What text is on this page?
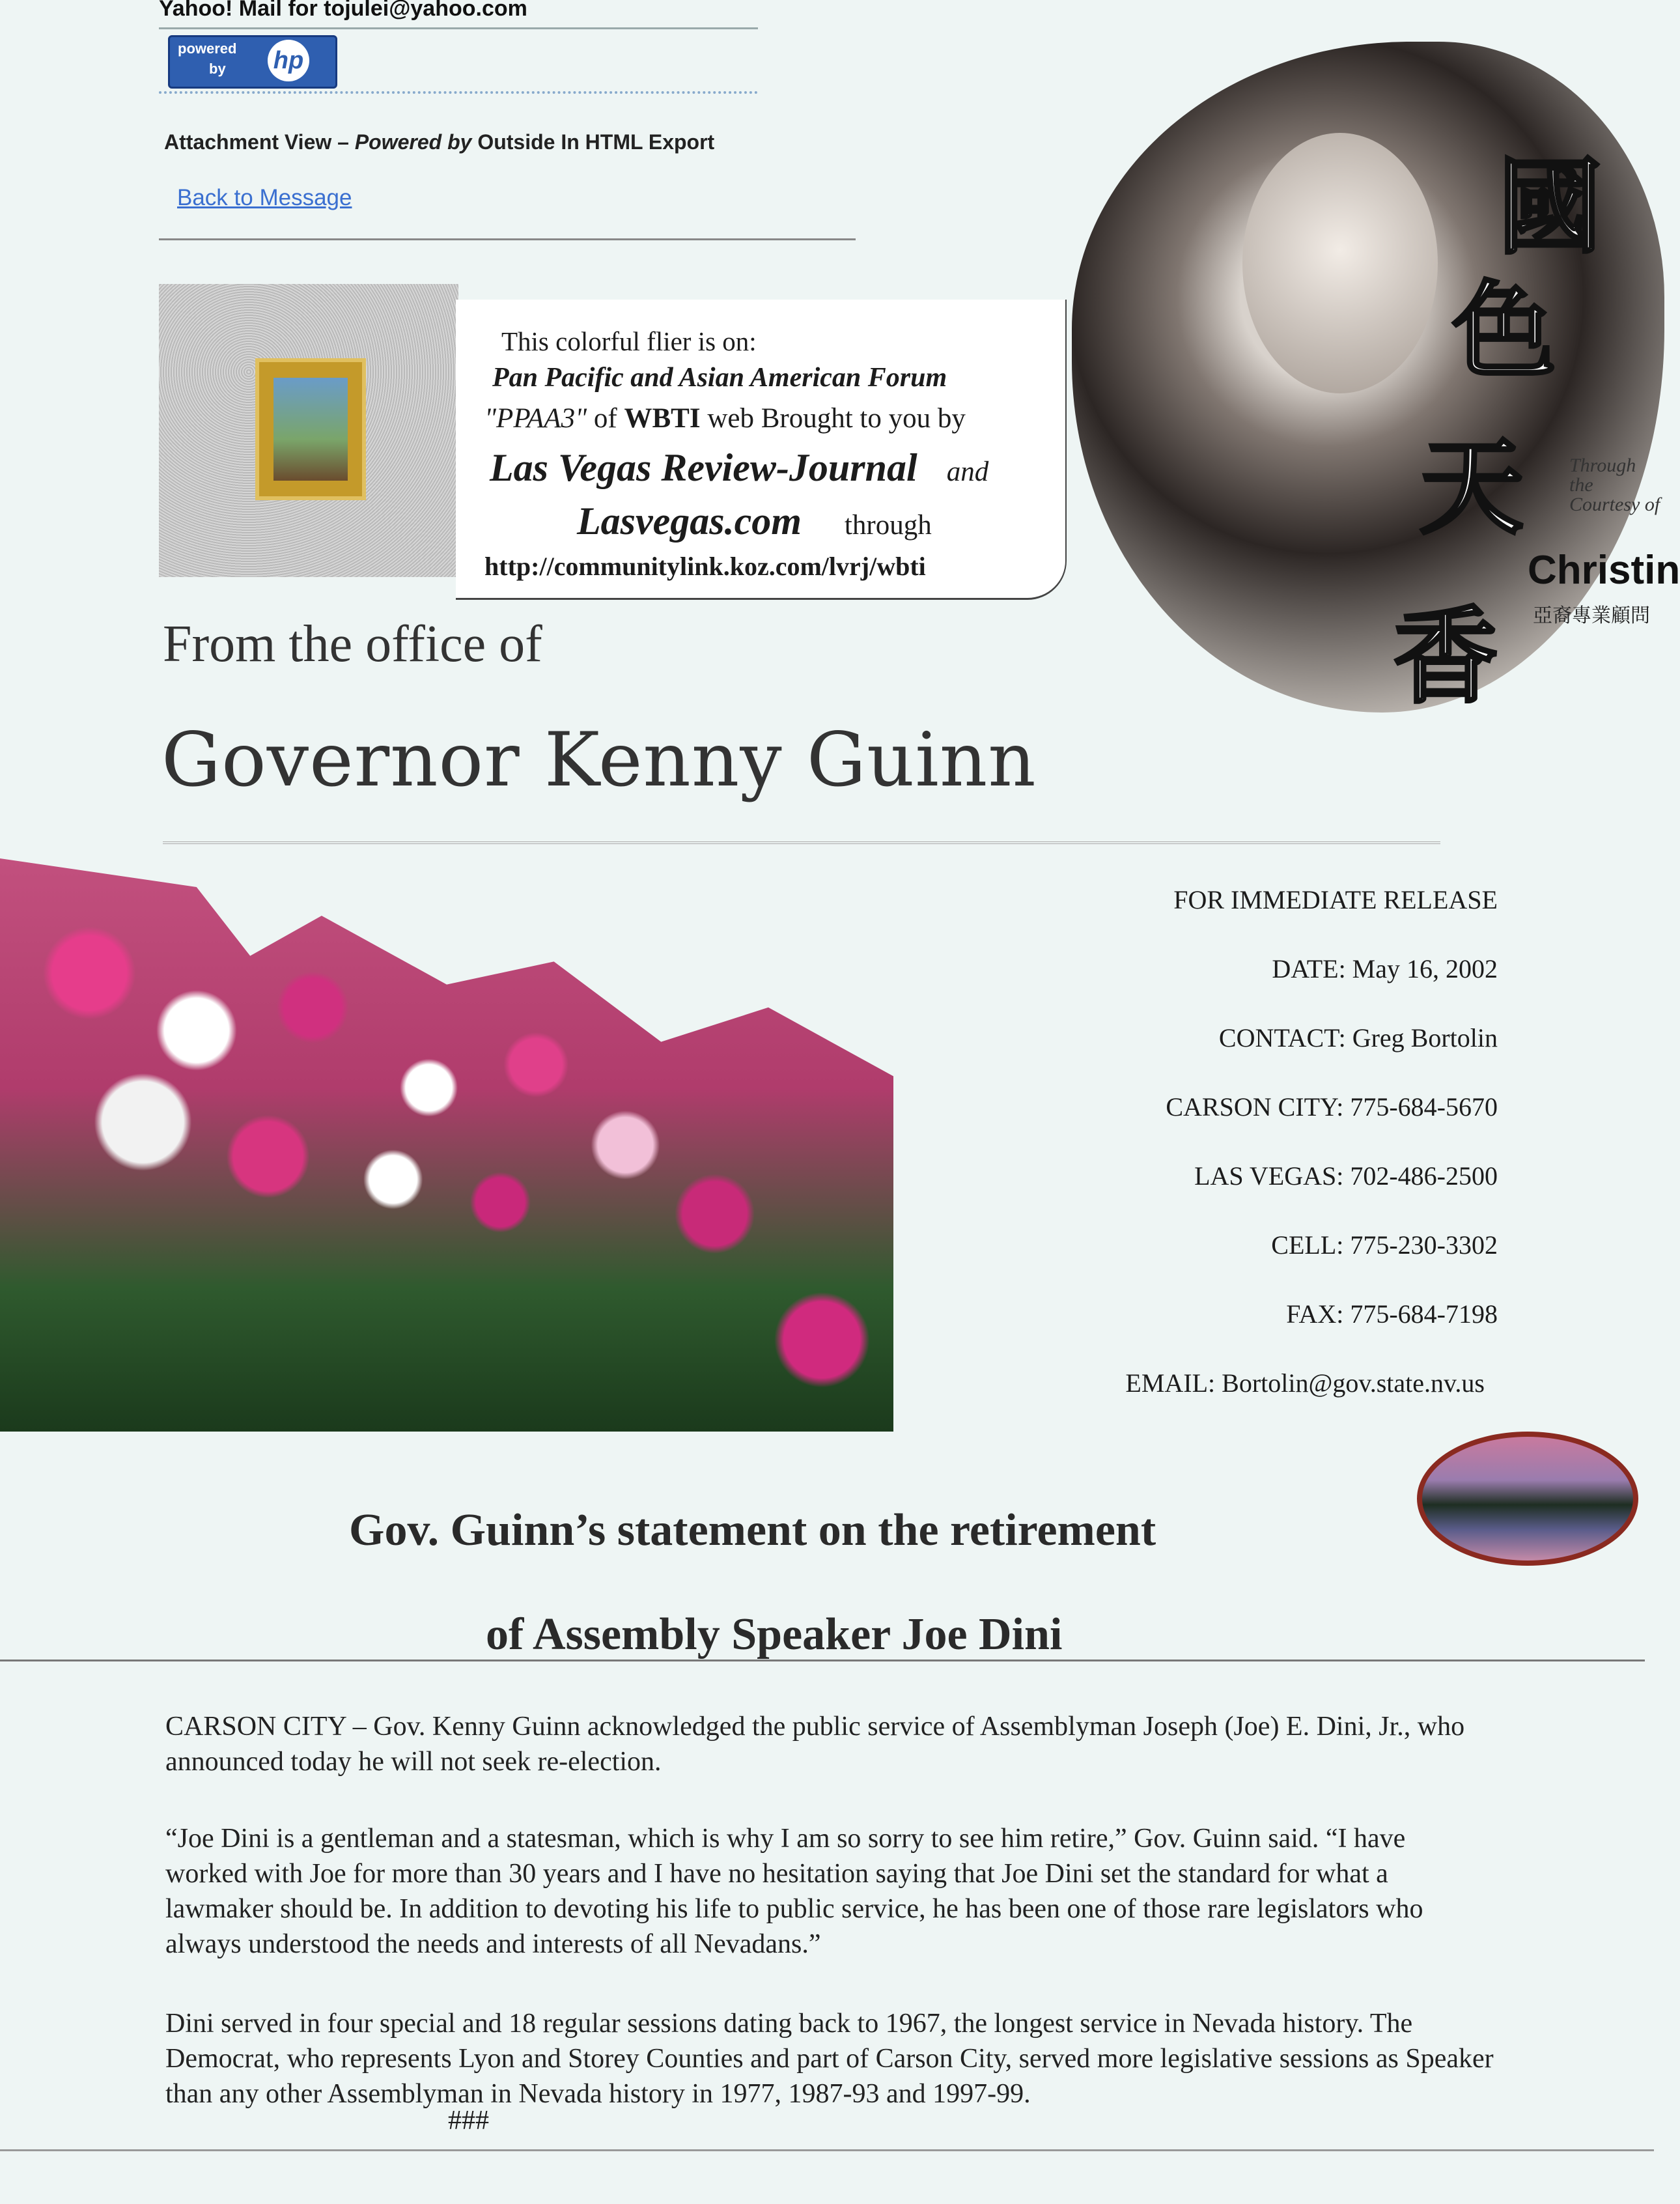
Yahoo! Mail for tojulei@yahoo.com
powered
by hp
Attachment View – Powered by Outside In HTML Export
Back to Message
This colorful flier is on:
Pan Pacific and Asian American Forum
"PPAA3" of WBTI web Brought to you by
Las Vegas Review-Journal and
Lasvegas.com through
http://communitylink.koz.com/lvrj/wbti
國
色
天
香
Through the Courtesy of
Christin
亞裔專業顧問
From the office of
Governor Kenny Guinn
FOR IMMEDIATE RELEASE
DATE: May 16, 2002
CONTACT: Greg Bortolin
CARSON CITY: 775-684-5670
LAS VEGAS: 702-486-2500
CELL: 775-230-3302
FAX: 775-684-7198
EMAIL: Bortolin@gov.state.nv.us
Gov. Guinn’s statement on the retirement
of Assembly Speaker Joe Dini
CARSON CITY – Gov. Kenny Guinn acknowledged the public service of Assemblyman Joseph (Joe) E. Dini, Jr., who announced today he will not seek re-election.
“Joe Dini is a gentleman and a statesman, which is why I am so sorry to see him retire,” Gov. Guinn said. “I have worked with Joe for more than 30 years and I have no hesitation saying that Joe Dini set the standard for what a lawmaker should be. In addition to devoting his life to public service, he has been one of those rare legislators who always understood the needs and interests of all Nevadans.”
Dini served in four special and 18 regular sessions dating back to 1967, the longest service in Nevada history. The Democrat, who represents Lyon and Storey Counties and part of Carson City, served more legislative sessions as Speaker than any other Assemblyman in Nevada history in 1977, 1987-93 and 1997-99.
###
